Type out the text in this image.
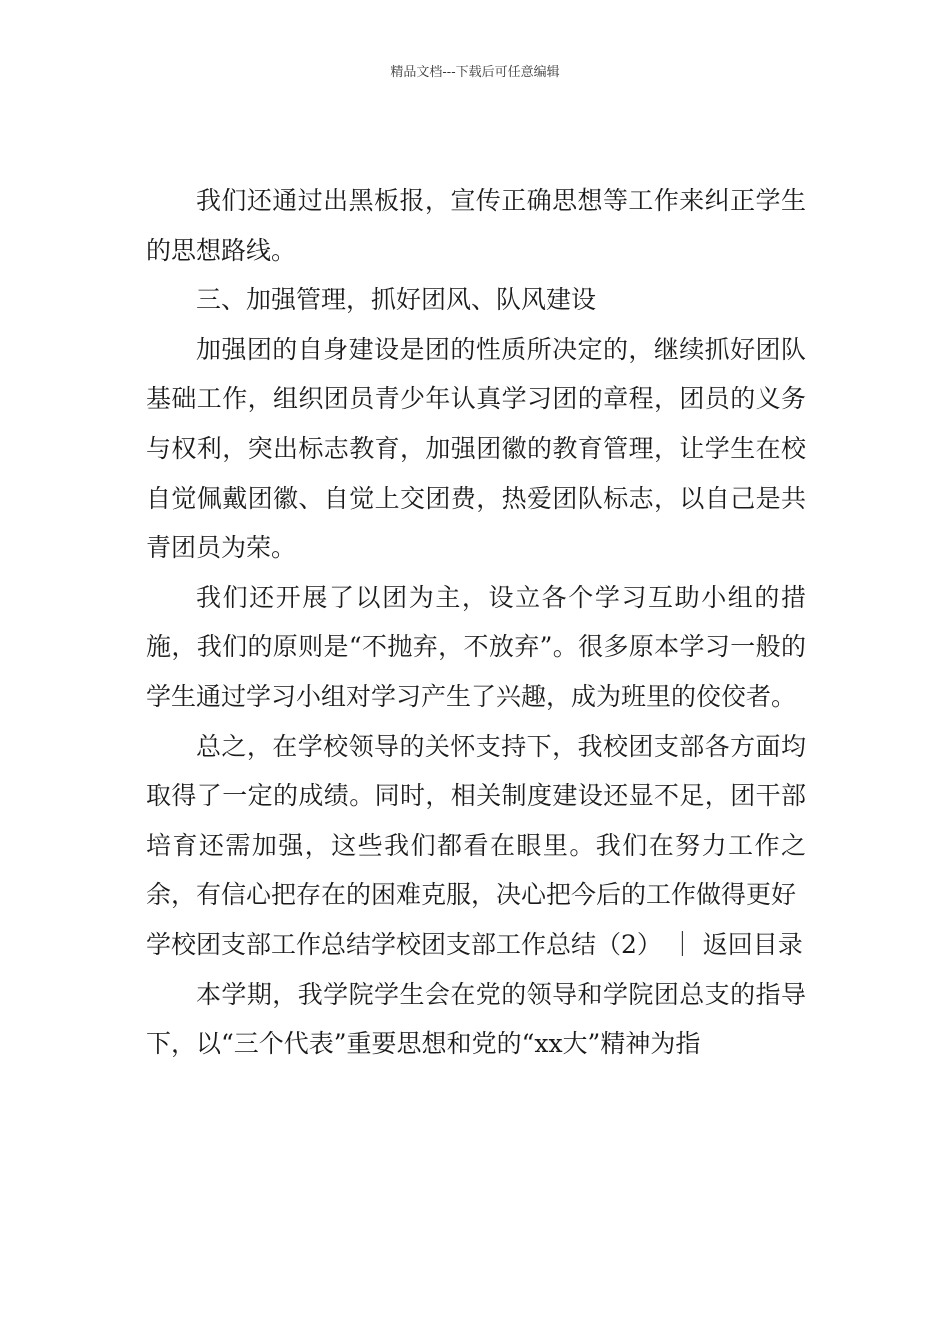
精品文档---下载后可任意编辑

我们还通过出黑板报，宣传正确思想等工作来纠正学生的思想路线。

三、加强管理，抓好团风、队风建设

加强团的自身建设是团的性质所决定的，继续抓好团队基础工作，组织团员青少年认真学习团的章程，团员的义务与权利，突出标志教育，加强团徽的教育管理，让学生在校自觉佩戴团徽、自觉上交团费，热爱团队标志，以自己是共青团员为荣。

我们还开展了以团为主，设立各个学习互助小组的措施，我们的原则是“不抛弃，不放弃”。很多原本学习一般的学生通过学习小组对学习产生了兴趣，成为班里的佼佼者。

总之，在学校领导的关怀支持下，我校团支部各方面均取得了一定的成绩。同时，相关制度建设还显不足，团干部培育还需加强，这些我们都看在眼里。我们在努力工作之余，有信心把存在的困难克服，决心把今后的工作做得更好

学校团支部工作总结学校团支部工作总结（2） ｜ 返回目录

本学期，我学院学生会在党的领导和学院团总支的指导下，以“三个代表”重要思想和党的“xx大”精神为指
